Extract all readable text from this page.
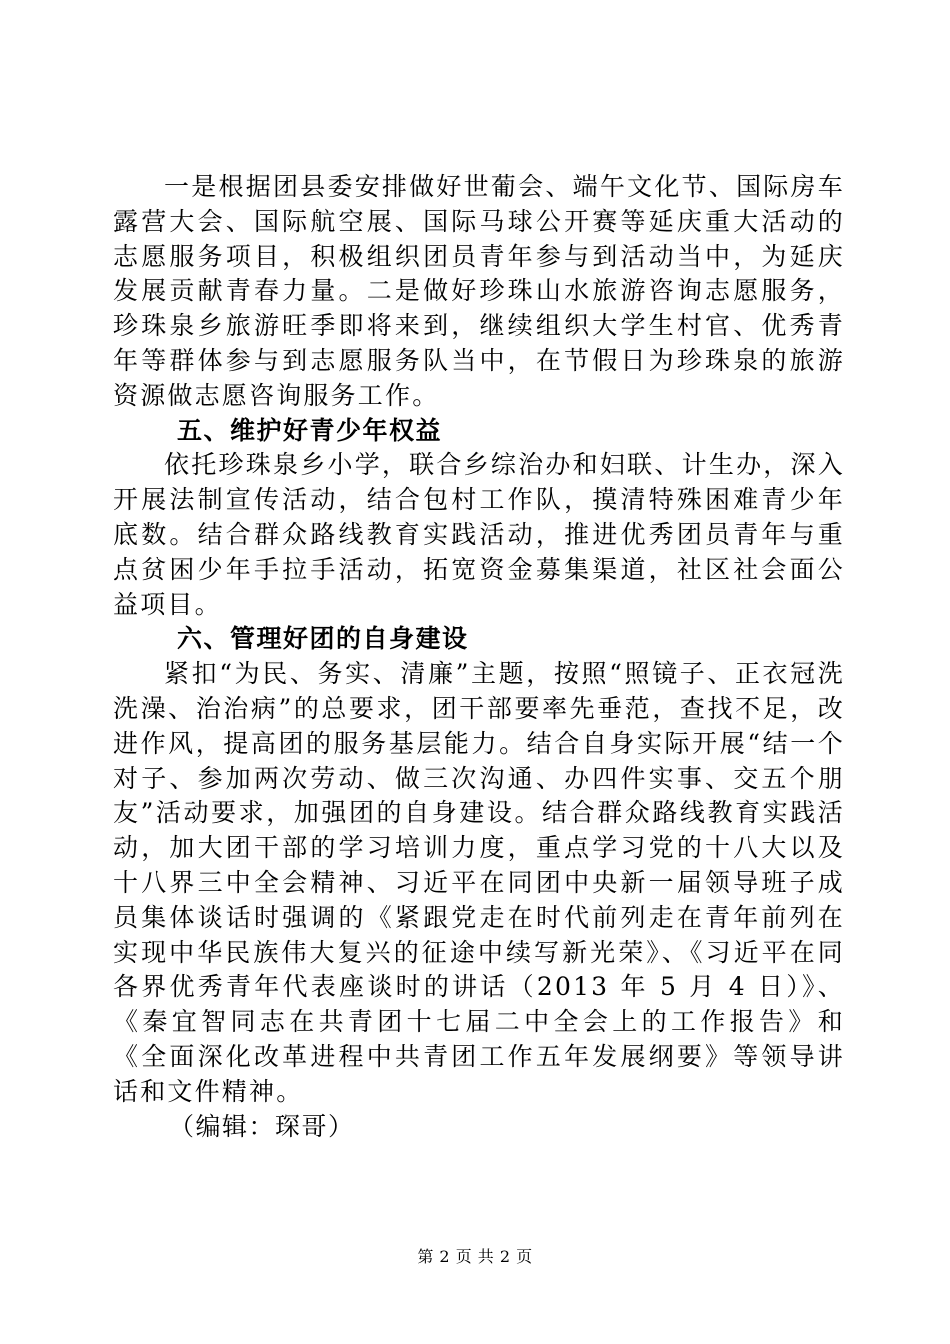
一是根据团县委安排做好世葡会、端午文化节、国际房车露营大会、国际航空展、国际马球公开赛等延庆重大活动的志愿服务项目，积极组织团员青年参与到活动当中，为延庆发展贡献青春力量。二是做好珍珠山水旅游咨询志愿服务，珍珠泉乡旅游旺季即将来到，继续组织大学生村官、优秀青年等群体参与到志愿服务队当中，在节假日为珍珠泉的旅游资源做志愿咨询服务工作。

五、维护好青少年权益

依托珍珠泉乡小学，联合乡综治办和妇联、计生办，深入开展法制宣传活动，结合包村工作队，摸清特殊困难青少年底数。结合群众路线教育实践活动，推进优秀团员青年与重点贫困少年手拉手活动，拓宽资金募集渠道，社区社会面公益项目。

六、管理好团的自身建设

紧扣“为民、务实、清廉”主题，按照“照镜子、正衣冠洗洗澡、治治病”的总要求，团干部要率先垂范，查找不足，改进作风，提高团的服务基层能力。结合自身实际开展“结一个对子、参加两次劳动、做三次沟通、办四件实事、交五个朋友”活动要求，加强团的自身建设。结合群众路线教育实践活动，加大团干部的学习培训力度，重点学习党的十八大以及十八界三中全会精神、习近平在同团中央新一届领导班子成员集体谈话时强调的《紧跟党走在时代前列走在青年前列在实现中华民族伟大复兴的征途中续写新光荣》、《习近平在同各界优秀青年代表座谈时的讲话（2013 年 5 月 4 日）》、《秦宜智同志在共青团十七届二中全会上的工作报告》和《全面深化改革进程中共青团工作五年发展纲要》等领导讲话和文件精神。

（编辑：琛哥）

第 2 页 共 2 页
